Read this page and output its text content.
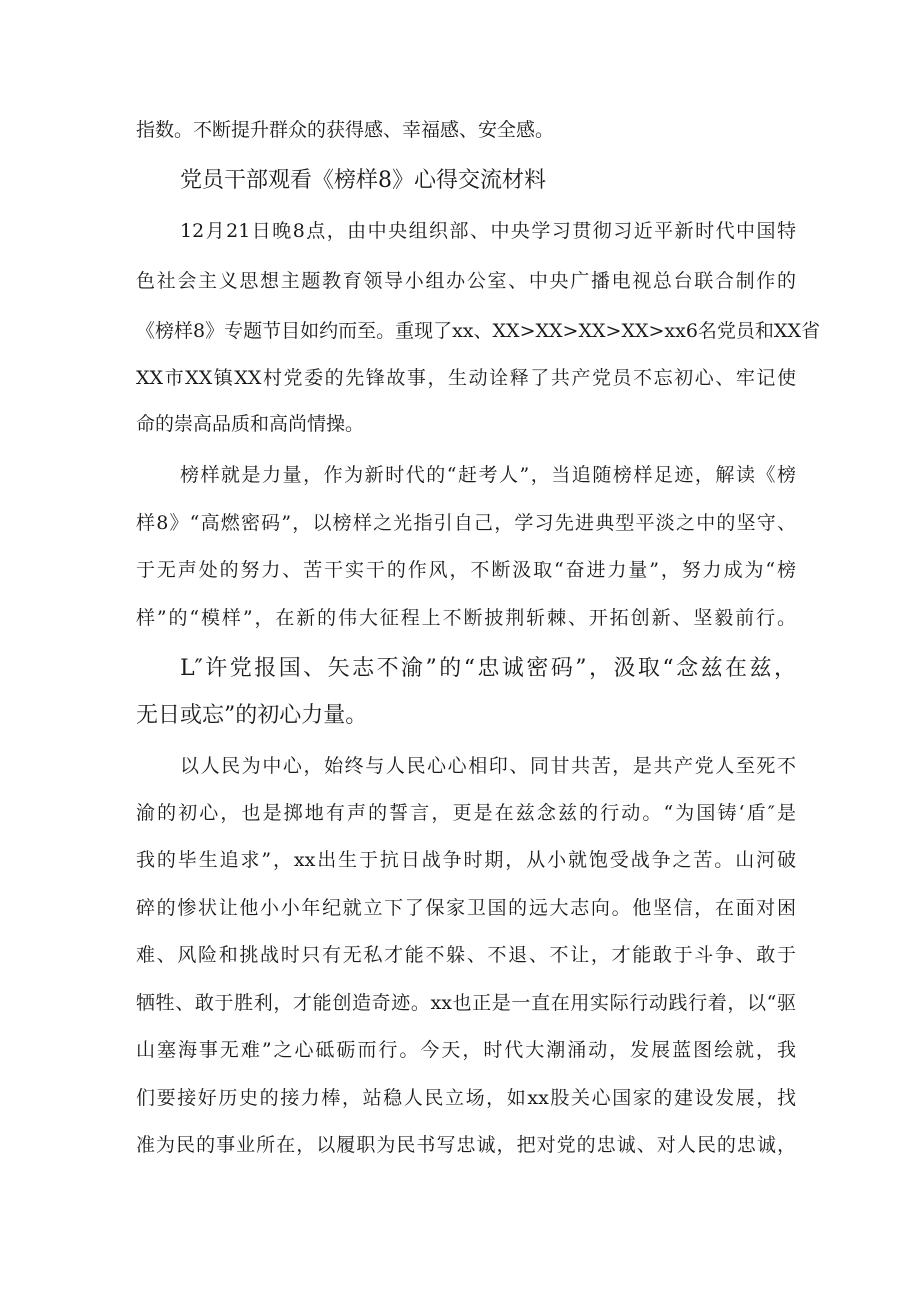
指数。不断提升群众的获得感、幸福感、安全感。
党员干部观看《榜样8》心得交流材料
12月21日晚8点，由中央组织部、中央学习贯彻习近平新时代中国特
色社会主义思想主题教育领导小组办公室、中央广播电视总台联合制作的
《榜样8》专题节目如约而至。重现了xx、XX>XX>XX>XX>xx6名党员和XX省
XX市XX镇XX村党委的先锋故事，生动诠释了共产党员不忘初心、牢记使
命的崇高品质和高尚情操。
榜样就是力量，作为新时代的“赶考人”，当追随榜样足迹，解读《榜
样8》“高燃密码”，以榜样之光指引自己，学习先进典型平淡之中的坚守、
于无声处的努力、苦干实干的作风，不断汲取“奋进力量”，努力成为“榜
样”的“模样”，在新的伟大征程上不断披荆斩棘、开拓创新、坚毅前行。
L″许党报国、矢志不渝”的“忠诚密码”，汲取“念兹在兹，
无日或忘”的初心力量。
以人民为中心，始终与人民心心相印、同甘共苦，是共产党人至死不
渝的初心，也是掷地有声的誓言，更是在兹念兹的行动。“为国铸‘盾″是
我的毕生追求”，xx出生于抗日战争时期，从小就饱受战争之苦。山河破
碎的惨状让他小小年纪就立下了保家卫国的远大志向。他坚信，在面对困
难、风险和挑战时只有无私才能不躲、不退、不让，才能敢于斗争、敢于
牺牲、敢于胜利，才能创造奇迹。xx也正是一直在用实际行动践行着，以“驱
山塞海事无难”之心砥砺而行。今天，时代大潮涌动，发展蓝图绘就，我
们要接好历史的接力棒，站稳人民立场，如xx股关心国家的建设发展，找
准为民的事业所在，以履职为民书写忠诚，把对党的忠诚、对人民的忠诚，
